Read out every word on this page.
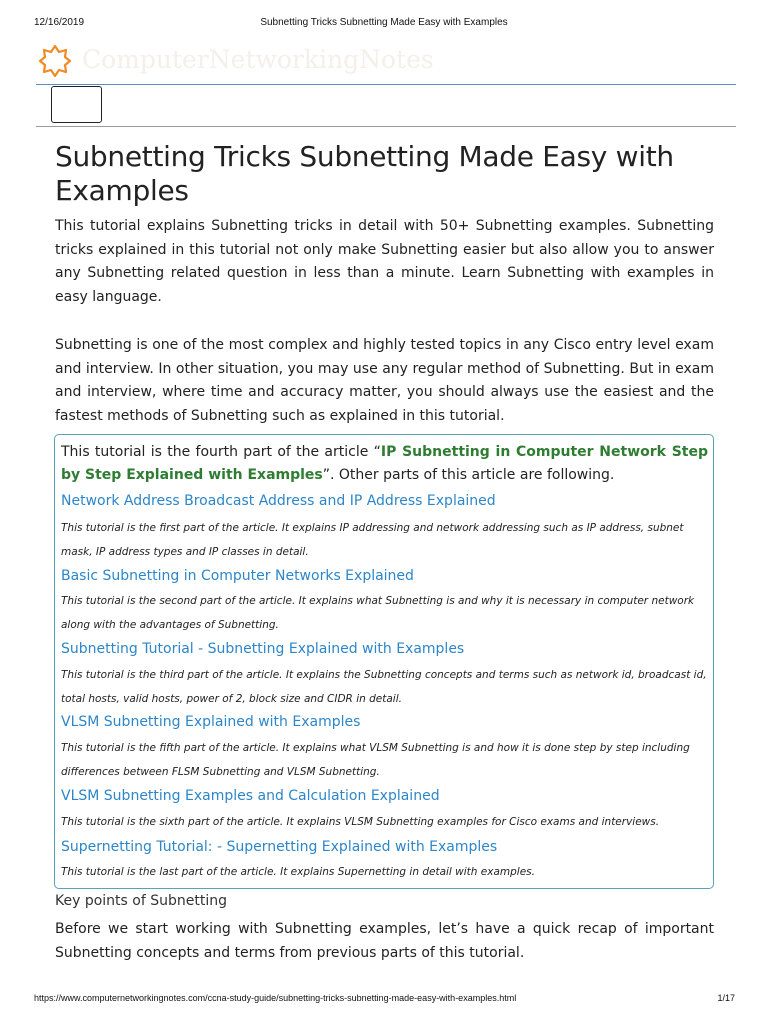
12/16/2019	Subnetting Tricks Subnetting Made Easy with Examples
ComputerNetworkingNotes
Subnetting Tricks Subnetting Made Easy with Examples

This tutorial explains Subnetting tricks in detail with 50+ Subnetting examples. Subnetting tricks explained in this tutorial not only make Subnetting easier but also allow you to answer any Subnetting related question in less than a minute. Learn Subnetting with examples in easy language.

Subnetting is one of the most complex and highly tested topics in any Cisco entry level exam and interview. In other situation, you may use any regular method of Subnetting. But in exam and interview, where time and accuracy matter, you should always use the easiest and the fastest methods of Subnetting such as explained in this tutorial.

This tutorial is the fourth part of the article “IP Subnetting in Computer Network Step by Step Explained with Examples”. Other parts of this article are following.

Network Address Broadcast Address and IP Address Explained

This tutorial is the first part of the article. It explains IP addressing and network addressing such as IP address, subnet mask, IP address types and IP classes in detail.

Basic Subnetting in Computer Networks Explained

This tutorial is the second part of the article. It explains what Subnetting is and why it is necessary in computer network along with the advantages of Subnetting.

Subnetting Tutorial - Subnetting Explained with Examples

This tutorial is the third part of the article. It explains the Subnetting concepts and terms such as network id, broadcast id, total hosts, valid hosts, power of 2, block size and CIDR in detail.

VLSM Subnetting Explained with Examples

This tutorial is the fifth part of the article. It explains what VLSM Subnetting is and how it is done step by step including differences between FLSM Subnetting and VLSM Subnetting.

VLSM Subnetting Examples and Calculation Explained

This tutorial is the sixth part of the article. It explains VLSM Subnetting examples for Cisco exams and interviews.

Supernetting Tutorial: - Supernetting Explained with Examples

This tutorial is the last part of the article. It explains Supernetting in detail with examples.

Key points of Subnetting

Before we start working with Subnetting examples, let’s have a quick recap of important Subnetting concepts and terms from previous parts of this tutorial.

https://www.computernetworkingnotes.com/ccna-study-guide/subnetting-tricks-subnetting-made-easy-with-examples.html	1/17
